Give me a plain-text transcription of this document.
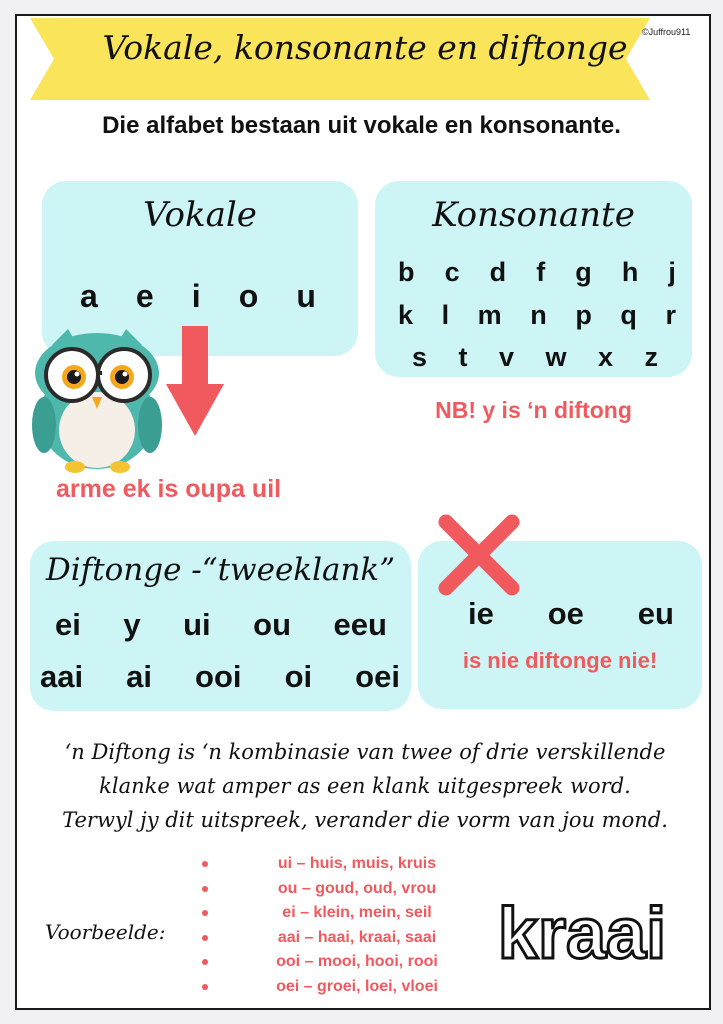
Vokale, konsonante en diftonge	©Juffrou911
Die alfabet bestaan uit vokale en konsonante.
Vokale
a e i o u
arme ek is oupa uil
Konsonante
b c d f g h j
k l m n p q r
s t v w x z
NB! y is ‘n diftong
Diftonge -“tweeklank”
ei y ui ou eeu
aai ai ooi oi oei
ie oe eu
is nie diftonge nie!
‘n Diftong is ‘n kombinasie van twee of drie verskillende
klanke wat amper as een klank uitgespreek word.
Terwyl jy dit uitspreek, verander die vorm van jou mond.
Voorbeelde:
ui – huis, muis, kruis
ou – goud, oud, vrou
ei – klein, mein, seil
aai – haai, kraai, saai
ooi – mooi, hooi, rooi
oei – groei, loei, vloei
kraai
